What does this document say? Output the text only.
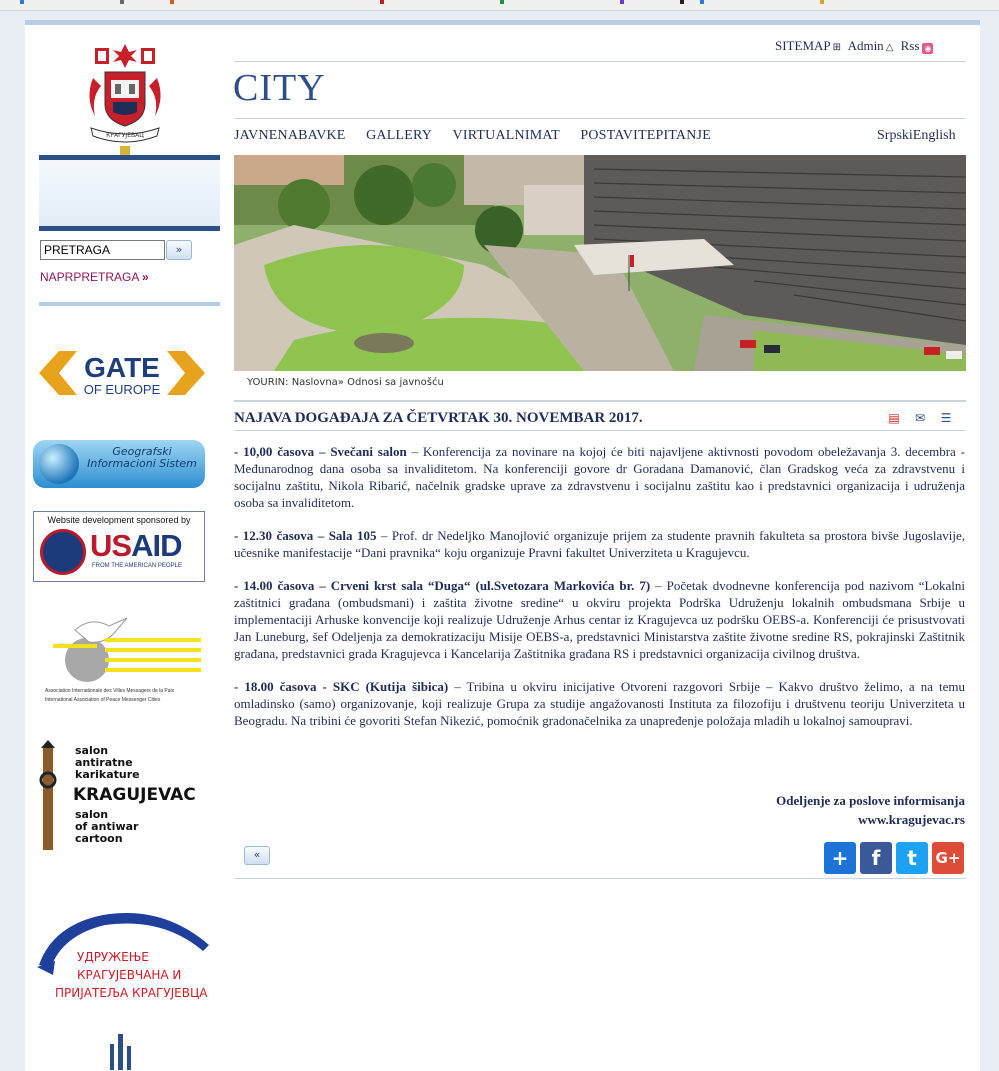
КРАГУЈЕВАЦ
PRETRAGA
»
NAPRPRETRAGA »
GATE
OF EUROPE
Geografski Informacioni Sistem
Website development sponsored by
USAID
FROM THE AMERICAN PEOPLE
Association Internationale des Villes Messagers de la Paix
International Association of Peace Messenger Cities
salon
antiratne
karikature
KRAGUJEVAC
salon
of antiwar
cartoon
УДРУЖЕЊЕ
КРАГУЈЕВЧАНА И
ПРИЈАТЕЉА КРАГУЈЕВЦА
SITEMAP ⊞ Admin △ Rss ◉
CITY
JAVNENABAVKE GALLERY VIRTUALNIMAT POSTAVITEPITANJE	SrpskiEnglish
YOURIN: Naslovna» Odnosi sa javnošću
NAJAVA DOGAĐAJA ZA ČETVRTAK 30. NOVEMBAR 2017.	▤ ✉ ☰

- 10,00 časova – Svečani salon – Konferencija za novinare na kojoj će biti najavljene aktivnosti povodom obeležavanja 3. decembra - Međunarodnog dana osoba sa invaliditetom. Na konferenciji govore dr Goradana Damanović, član Gradskog veća za zdravstvenu i socijalnu zaštitu, Nikola Ribarić, načelnik gradske uprave za zdravstvenu i socijalnu zaštitu kao i predstavnici organizacija i udruženja osoba sa invaliditetom.

- 12.30 časova – Sala 105 – Prof. dr Nedeljko Manojlović organizuje prijem za studente pravnih fakulteta sa prostora bivše Jugoslavije, učesnike manifestacije “Dani pravnika“ koju organizuje Pravni fakultet Univerziteta u Kragujevcu.

- 14.00 časova – Crveni krst sala “Duga“ (ul.Svetozara Markovića br. 7) – Početak dvodnevne konferencija pod nazivom “Lokalni zaštitnici građana (ombudsmani) i zaštita životne sredine“ u okviru projekta Podrška Udruženju lokalnih ombudsmana Srbije u implementaciji Arhuske konvencije koji realizuje Udruženje Arhus centar iz Kragujevca uz podršku OEBS-a. Konferenciji će prisustvovati Jan Luneburg, šef Odeljenja za demokratizaciju Misije OEBS-a, predstavnici Ministarstva zaštite životne sredine RS, pokrajinski Zaštitnik građana, predstavnici grada Kragujevca i Kancelarija Zaštitnika građana RS i predstavnici organizacija civilnog društva.

- 18.00 časova - SKC (Kutija šibica) – Tribina u okviru inicijative Otvoreni razgovori Srbije – Kakvo društvo želimo, a na temu omladinsko (samo) organizovanje, koji realizuje Grupa za studije angažovanosti Instituta za filozofiju i društvenu teoriju Univerziteta u Beogradu. Na tribini će govoriti Stefan Nikezić, pomoćnik gradonačelnika za unapređenje položaja mladih u lokalnoj samoupravi.

Odeljenje za poslove informisanja
www.kragujevac.rs
«	+	f	t	G+
